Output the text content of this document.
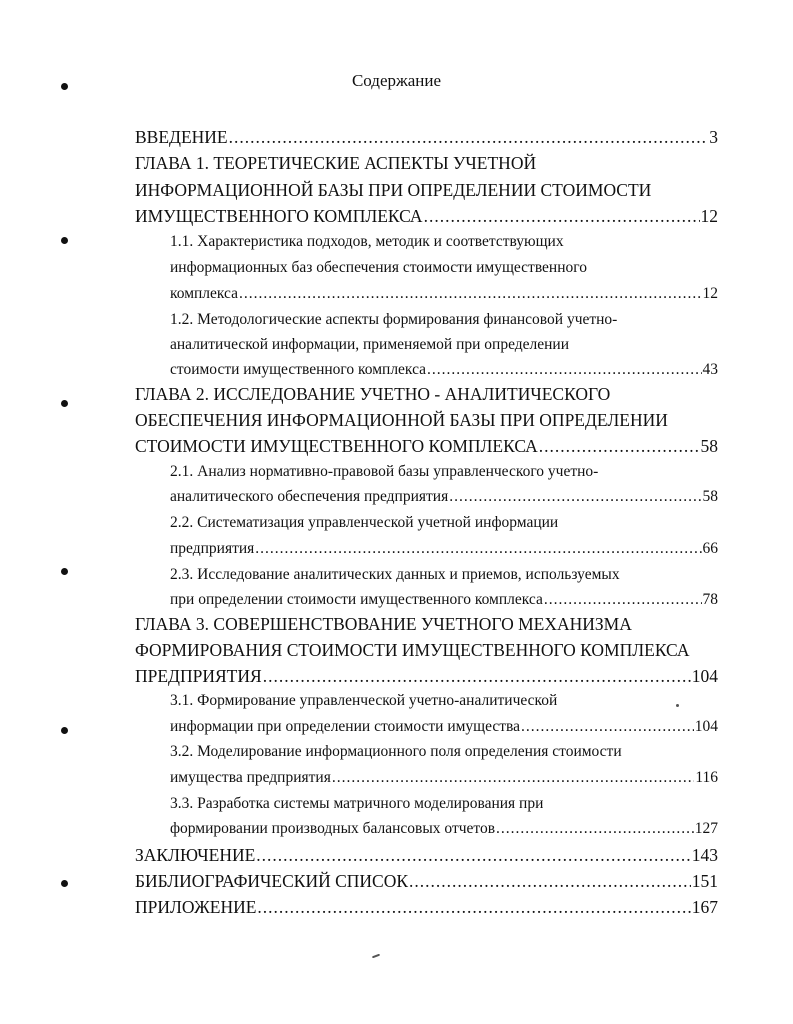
Содержание
ВВЕДЕНИЕ .....	3
ГЛАВА 1. ТЕОРЕТИЧЕСКИЕ АСПЕКТЫ УЧЕТНОЙ
ИНФОРМАЦИОННОЙ БАЗЫ ПРИ ОПРЕДЕЛЕНИИ СТОИМОСТИ
ИМУЩЕСТВЕННОГО КОМПЛЕКСА .....	12
1.1. Характеристика подходов, методик и соответствующих
информационных баз обеспечения стоимости имущественного
комплекса .....	12
1.2. Методологические аспекты формирования финансовой учетно-
аналитической информации, применяемой при определении
стоимости имущественного комплекса .....	43
ГЛАВА 2. ИССЛЕДОВАНИЕ УЧЕТНО - АНАЛИТИЧЕСКОГО
ОБЕСПЕЧЕНИЯ ИНФОРМАЦИОННОЙ БАЗЫ ПРИ ОПРЕДЕЛЕНИИ
СТОИМОСТИ ИМУЩЕСТВЕННОГО КОМПЛЕКСА .....	58
2.1. Анализ нормативно-правовой базы управленческого учетно-
аналитического обеспечения предприятия .....	58
2.2. Систематизация управленческой учетной информации
предприятия .....	66
2.3. Исследование аналитических данных и приемов, используемых
при определении стоимости имущественного комплекса .....	78
ГЛАВА 3. СОВЕРШЕНСТВОВАНИЕ УЧЕТНОГО МЕХАНИЗМА
ФОРМИРОВАНИЯ СТОИМОСТИ ИМУЩЕСТВЕННОГО КОМПЛЕКСА
ПРЕДПРИЯТИЯ .....	104
3.1. Формирование управленческой учетно-аналитической
информации при определении стоимости имущества .....	104
3.2. Моделирование информационного поля определения стоимости
имущества предприятия .....	116
3.3. Разработка системы матричного моделирования при
формировании производных балансовых отчетов .....	127
ЗАКЛЮЧЕНИЕ .....	143
БИБЛИОГРАФИЧЕСКИЙ СПИСОК .....	151
ПРИЛОЖЕНИЕ .....	167
